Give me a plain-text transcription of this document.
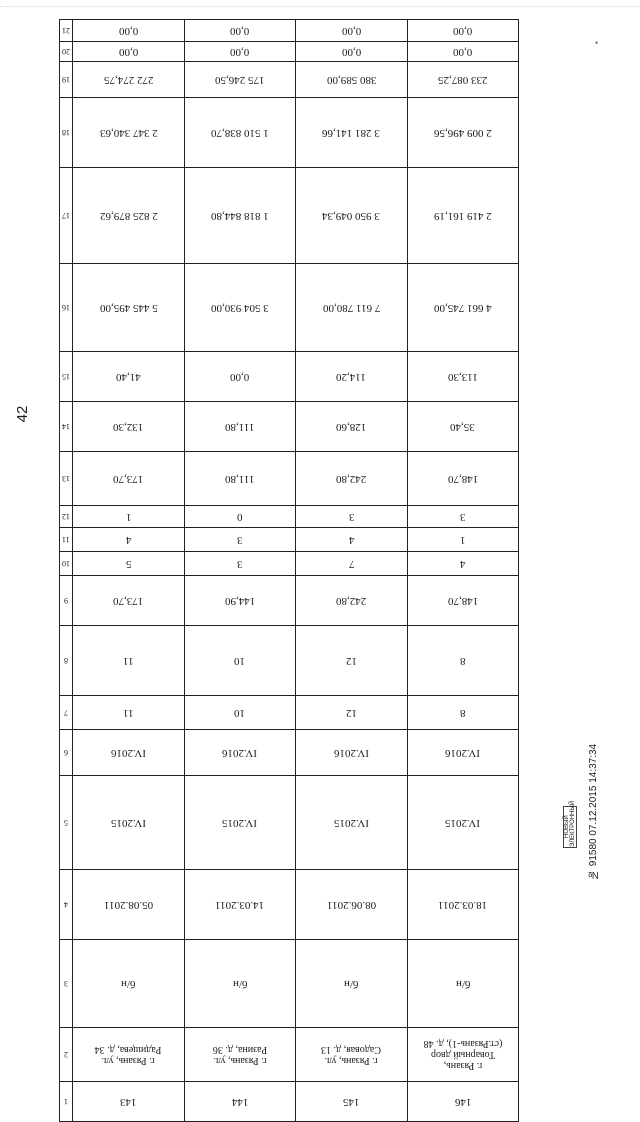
42
21	0,00	0,00	0,00	0,00
20	0,00	0,00	0,00	0,00
19	272 274,75	175 246,50	380 589,00	233 087,25
18	2 347 340,63	1 510 838,70	3 281 141,66	2 009 496,56
17	2 825 879,62	1 818 844,80	3 950 049,34	2 419 161,19
16	5 445 495,00	3 504 930,00	7 611 780,00	4 661 745,00
15	41,40	0,00	114,20	113,30
14	132,30	111,80	128,60	35,40
13	173,70	111,80	242,80	148,70
12	1	0	3	3
11	4	3	4	1
10	5	3	7	4
9	173,70	144,90	242,80	148,70
8	11	10	12	8
7	11	10	12	8
6	IV.2016	IV.2016	IV.2016	IV.2016
5	IV.2015	IV.2015	IV.2015	IV.2015
4	05.08.2011	14.03.2011	08.06.2011	18.03.2011
3	б/н	б/н	б/н	б/н
2	г. Рязань, ул. Радищева, д. 34	г. Рязань, ул. Разина, д. 36	г. Рязань, ул. Садовая, д. 13	г. Рязань, Товарный двор (ст.Рязань-1), д. 48
1	143	144	145	146
№ 91580 07.12.2015 14:37:34
НОВЫЙ ЭЛЕКТРОННЫЙ
•
